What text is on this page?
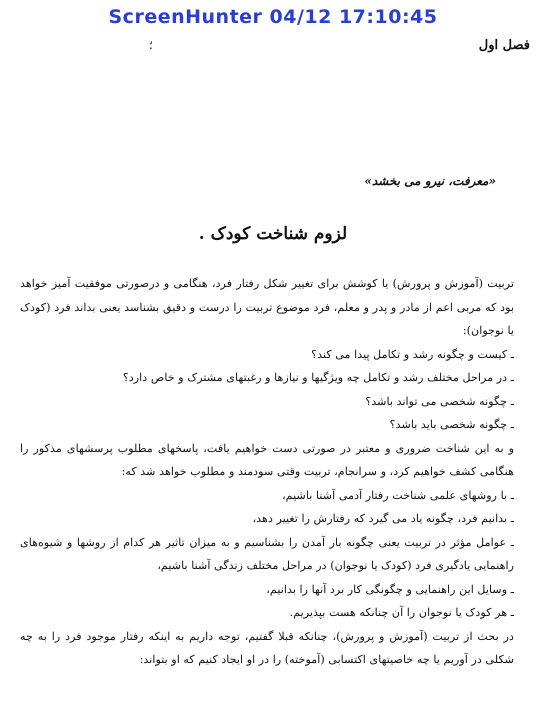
ScreenHunter 04/12 17:10:45
؛	فصل اول
«معرفت، نیرو می بخشد»
لزوم شناخت کودک .

تربیت (آموزش و پرورش) یا کوشش برای تغییر شکل رفتار فرد، هنگامی و درصورتی موفقیت آمیز خواهد بود که مربی اعم از مادر و پدر و معلم، فرد موضوع تربیت را درست و دقیق بشناسد یعنی بداند فرد (کودک یا نوجوان):

ـ کیست و چگونه رشد و تکامل پیدا می کند؟

ـ در مراحل مختلف رشد و تکامل چه ویژگیها و نیازها و رغبتهای مشترک و خاص دارد؟

ـ چگونه شخصی می تواند باشد؟

ـ چگونه شخصی باید باشد؟

و به این شناخت ضروری و معتبر در صورتی دست خواهیم یافت، پاسخهای مطلوب پرسشهای مذکور را هنگامی کشف خواهیم کرد، و سرانجام، تربیت وقتی سودمند و مطلوب خواهد شد که:

ـ با روشهای علمی شناخت رفتار آدمی آشنا باشیم،

ـ بدانیم فرد، چگونه یاد می گیرد که رفتارش را تغییر دهد،

ـ عوامل مؤثر در تربیت یعنی چگونه بار آمدن را بشناسیم و به میزان تاثیر هر کدام از روشها و شیوه‌های راهنمایی یادگیری فرد (کودک یا نوجوان) در مراحل مختلف زندگی آشنا باشیم،

ـ وسایل این راهنمایی و چگونگی کار برد آنها را بدانیم،

ـ هر کودک یا نوجوان را آن چنانکه هست بپذیریم.

در بحث از تربیت (آموزش و پرورش)، چنانکه قبلا گفتیم، توجه داریم به اینکه رفتار موجود فرد را به چه شکلی در آوریم یا چه خاصیتهای اکتسابی (آموخته) را در او ایجاد کنیم که او بتواند:
